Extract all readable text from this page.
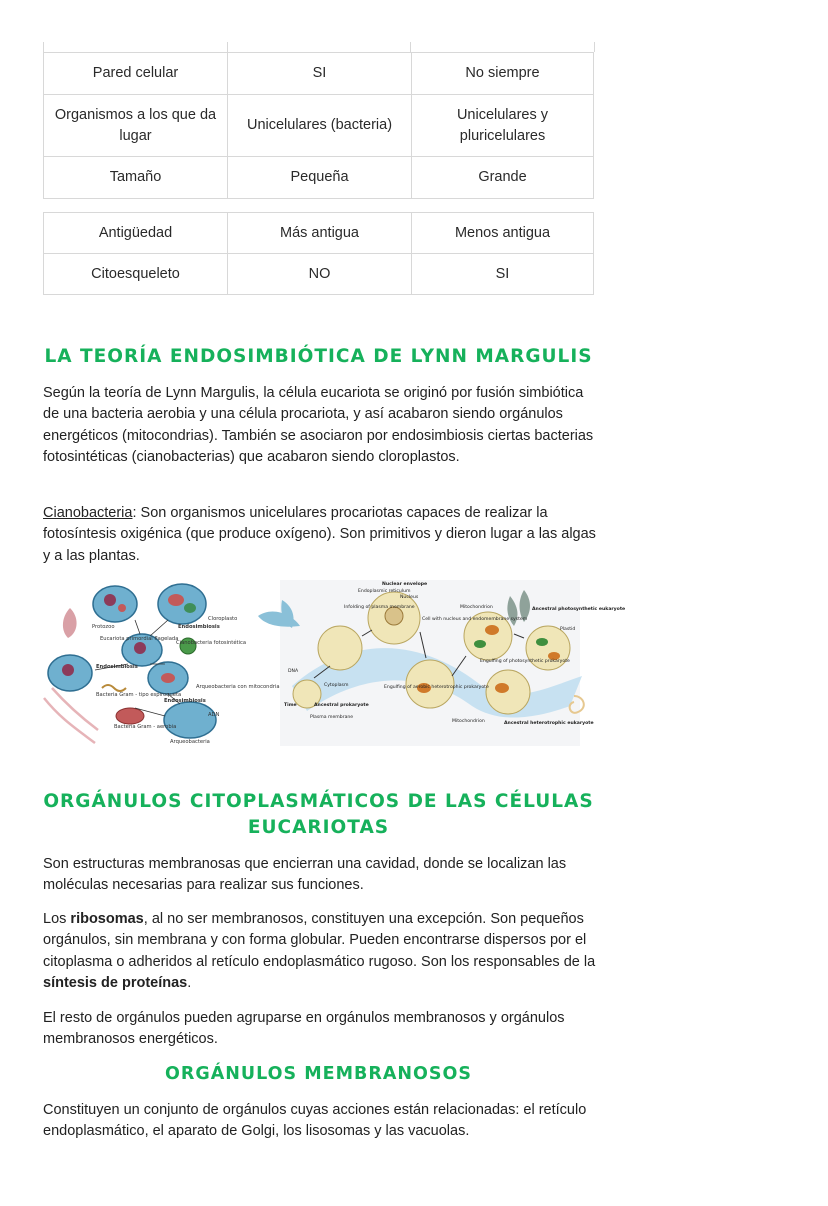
Pared celular	SI	No siempre
Organismos a los que da lugar	Unicelulares (bacteria)	Unicelulares y pluricelulares
Tamaño	Pequeña	Grande
Antigüedad	Más antigua	Menos antigua
Citoesqueleto	NO	SI
LA TEORÍA ENDOSIMBIÓTICA DE LYNN MARGULIS

Según la teoría de Lynn Margulis, la célula eucariota se originó por fusión simbiótica de una bacteria aerobia y una célula procariota, y así acabaron siendo orgánulos energéticos (mitocondrias). También se asociaron por endosimbiosis ciertas bacterias fotosintéticas (cianobacterias) que acabaron siendo cloroplastos.

Cianobacteria: Son organismos unicelulares procariotas capaces de realizar la fotosíntesis oxigénica (que produce oxígeno). Son primitivos y dieron lugar a las algas y a las plantas.

Protozoo
Eucariota primordial flagelada
Cloroplasto
Endosimbiosis
Cianobacteria fotosintética
Endosimbiosis
Bacteria Gram - tipo espiroqueta
Arqueobacteria con mitocondria
Endosimbiosis
ADN
Bacteria Gram - aerobia
Arqueobacteria
Nuclear envelope
Endoplasmic reticulum
Nucleus
Infolding of plasma membrane
Cell with nucleus and endomembrane system
Mitochondrion	Ancestral photosynthetic eukaryote
Plastid
DNA
Cytoplasm
Engulfing of photosynthetic prokaryote
Time	Ancestral prokaryote
Plasma membrane
Engulfing of aerobic heterotrophic prokaryote
Mitochondrion	Ancestral heterotrophic eukaryote
ORGÁNULOS CITOPLASMÁTICOS DE LAS CÉLULAS
EUCARIOTAS

Son estructuras membranosas que encierran una cavidad, donde se localizan las moléculas necesarias para realizar sus funciones.

Los ribosomas, al no ser membranosos, constituyen una excepción. Son pequeños orgánulos, sin membrana y con forma globular. Pueden encontrarse dispersos por el citoplasma o adheridos al retículo endoplasmático rugoso. Son los responsables de la síntesis de proteínas.

El resto de orgánulos pueden agruparse en orgánulos membranosos y orgánulos membranosos energéticos.

ORGÁNULOS MEMBRANOSOS

Constituyen un conjunto de orgánulos cuyas acciones están relacionadas: el retículo endoplasmático, el aparato de Golgi, los lisosomas y las vacuolas.
